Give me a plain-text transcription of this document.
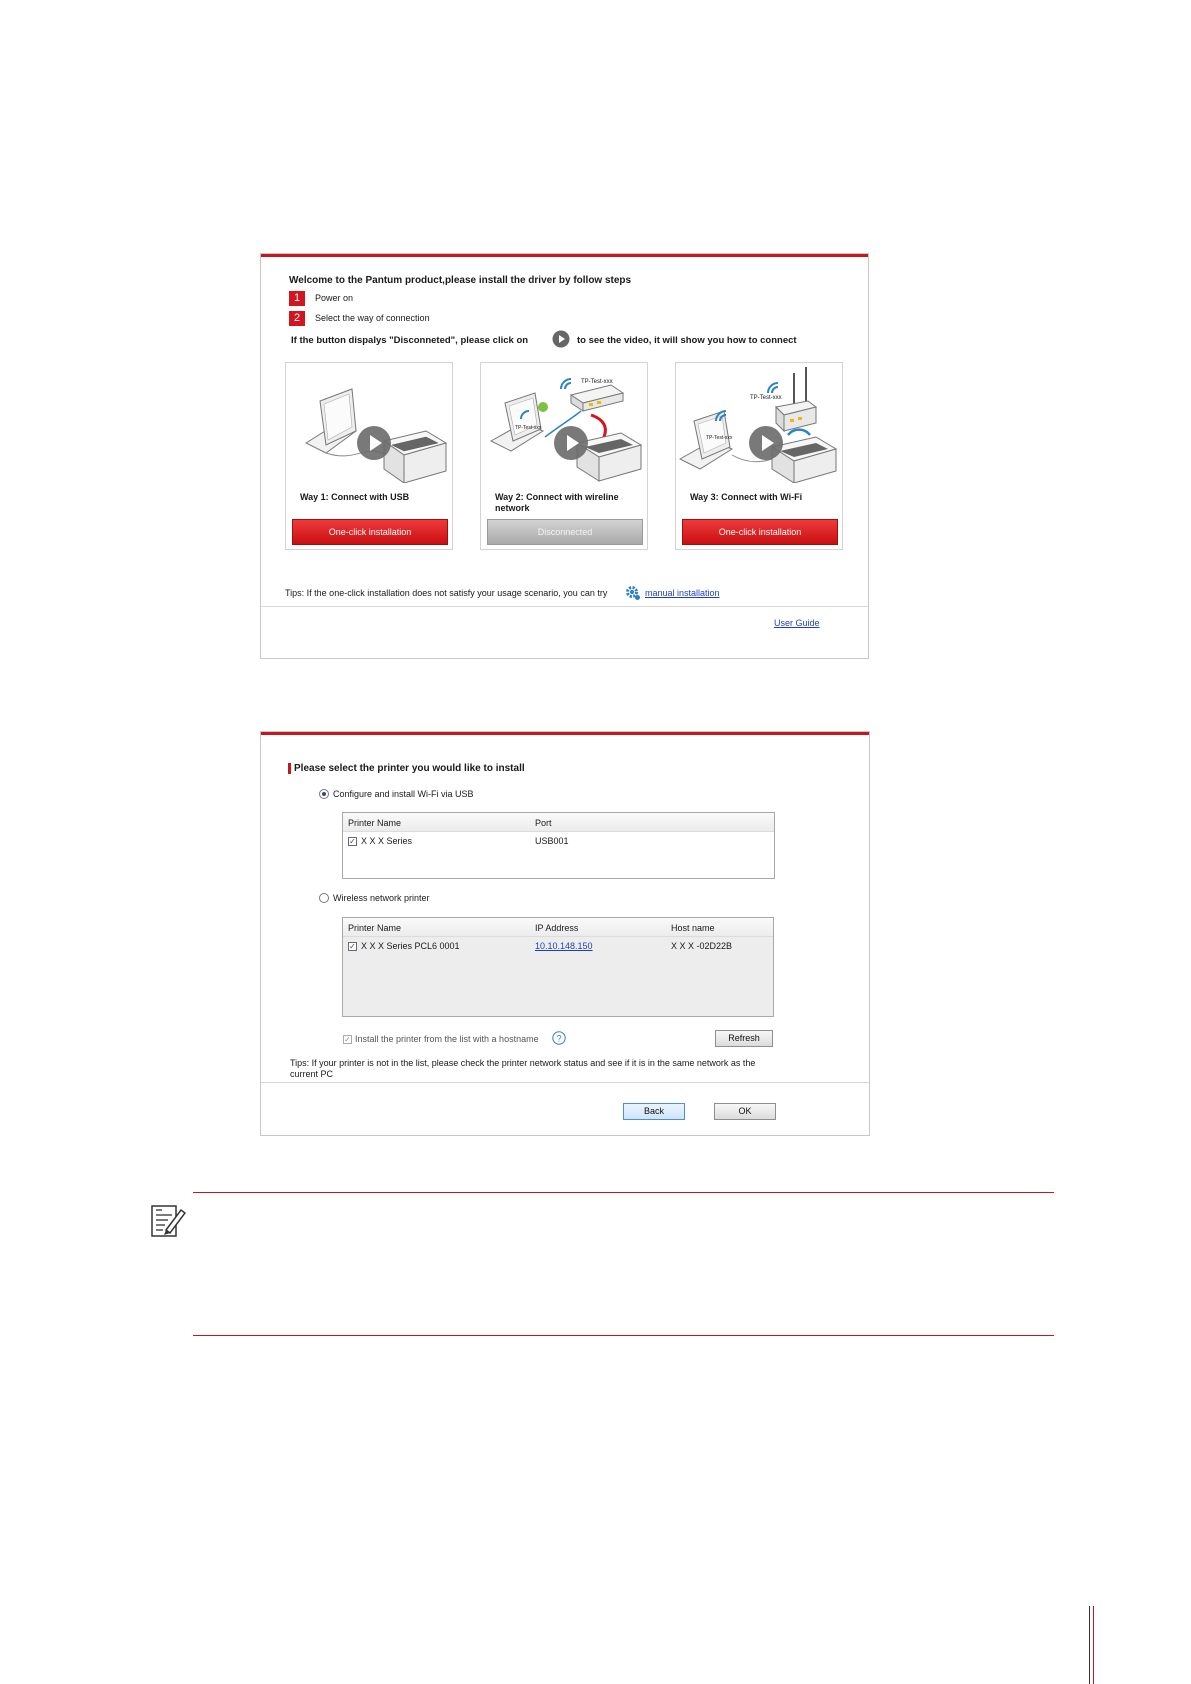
Welcome to the Pantum product,please install the driver by follow steps
1	Power on
2	Select the way of connection
If the button dispalys "Disconneted", please click on	to see the video, it will show you how to connect
Way 1: Connect with USB
One-click installation
TP-Test-xxx
TP-Test-xxx
Way 2: Connect with wireline network
Disconnected
TP-Test-xxx
TP-Test-xxx
Way 3: Connect with Wi-Fi
One-click installation
Tips: If the one-click installation does not satisfy your usage scenario, you can try	manual installation
User Guide
Please select the printer you would like to install
Configure and install Wi-Fi via USB
Printer Name	Port
✓ X X X Series	USB001
Wireless network printer
Printer Name	IP Address	Host name
✓ X X X Series PCL6 0001	10.10.148.150	X X X -02D22B
✓ Install the printer from the list with a hostname ?	Refresh
Tips: If your printer is not in the list, please check the printer network status and see if it is in the same network as the current PC
Back	OK
